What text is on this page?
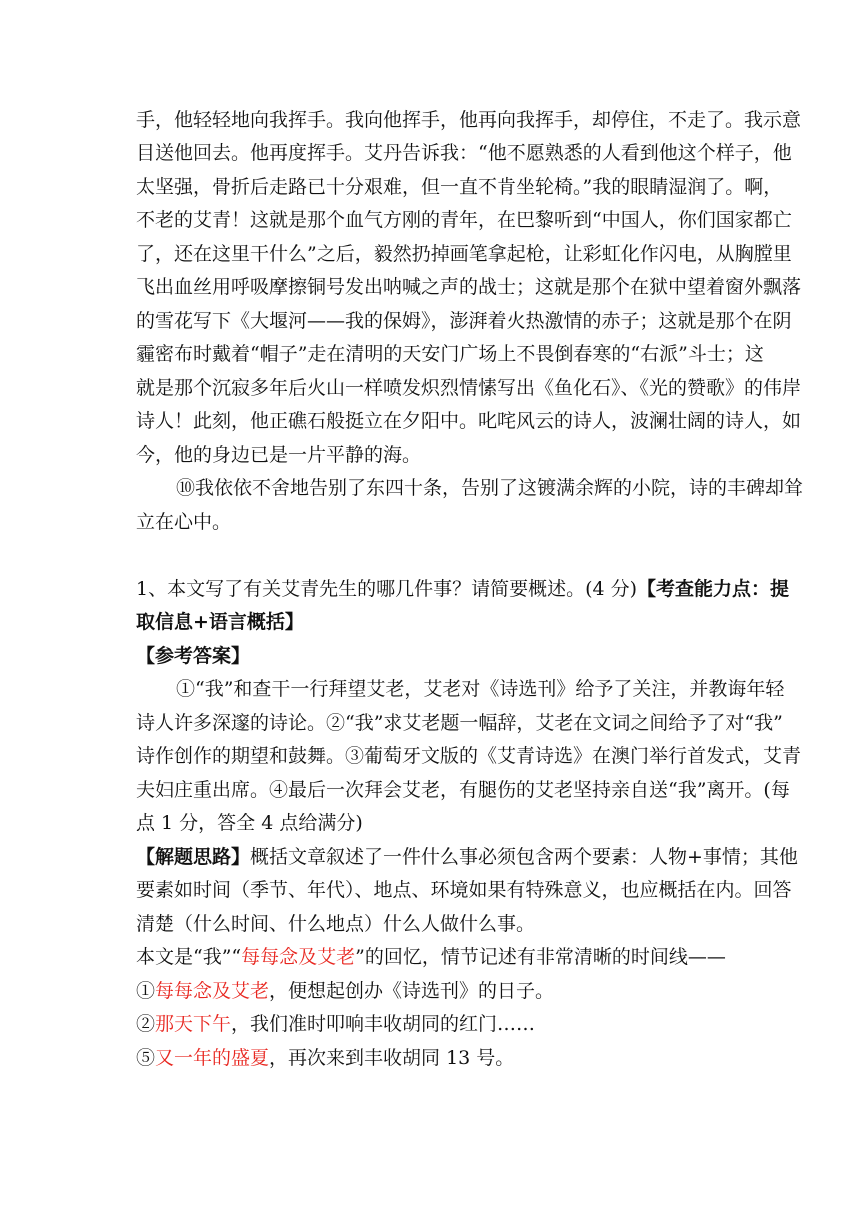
手，他轻轻地向我挥手。我向他挥手，他再向我挥手，却停住，不走了。我示意
目送他回去。他再度挥手。艾丹告诉我：“他不愿熟悉的人看到他这个样子，他
太坚强，骨折后走路已十分艰难，但一直不肯坐轮椅。”我的眼睛湿润了。啊，
不老的艾青！这就是那个血气方刚的青年，在巴黎听到“中国人，你们国家都亡
了，还在这里干什么”之后，毅然扔掉画笔拿起枪，让彩虹化作闪电，从胸膛里
飞出血丝用呼吸摩擦铜号发出呐喊之声的战士；这就是那个在狱中望着窗外飘落
的雪花写下《大堰河——我的保姆》，澎湃着火热激情的赤子；这就是那个在阴
霾密布时戴着“帽子”走在清明的天安门广场上不畏倒春寒的“右派”斗士；这
就是那个沉寂多年后火山一样喷发炽烈情愫写出《鱼化石》、《光的赞歌》的伟岸
诗人！此刻，他正礁石般挺立在夕阳中。叱咤风云的诗人，波澜壮阔的诗人，如
今，他的身边已是一片平静的海。
⑩我依依不舍地告别了东四十条，告别了这镀满余辉的小院，诗的丰碑却耸
立在心中。
1、本文写了有关艾青先生的哪几件事？请简要概述。(4 分)【考查能力点：提
取信息+语言概括】
【参考答案】
①“我”和查干一行拜望艾老，艾老对《诗选刊》给予了关注，并教诲年轻
诗人许多深邃的诗论。②“我”求艾老题一幅辞，艾老在文词之间给予了对“我”
诗作创作的期望和鼓舞。③葡萄牙文版的《艾青诗选》在澳门举行首发式，艾青
夫妇庄重出席。④最后一次拜会艾老，有腿伤的艾老坚持亲自送“我”离开。(每
点 1 分，答全 4 点给满分)
【解题思路】概括文章叙述了一件什么事必须包含两个要素：人物+事情；其他
要素如时间（季节、年代）、地点、环境如果有特殊意义，也应概括在内。回答
清楚（什么时间、什么地点）什么人做什么事。
本文是“我”“每每念及艾老”的回忆，情节记述有非常清晰的时间线——
①每每念及艾老，便想起创办《诗选刊》的日子。
②那天下午，我们准时叩响丰收胡同的红门……
⑤又一年的盛夏，再次来到丰收胡同 13 号。
